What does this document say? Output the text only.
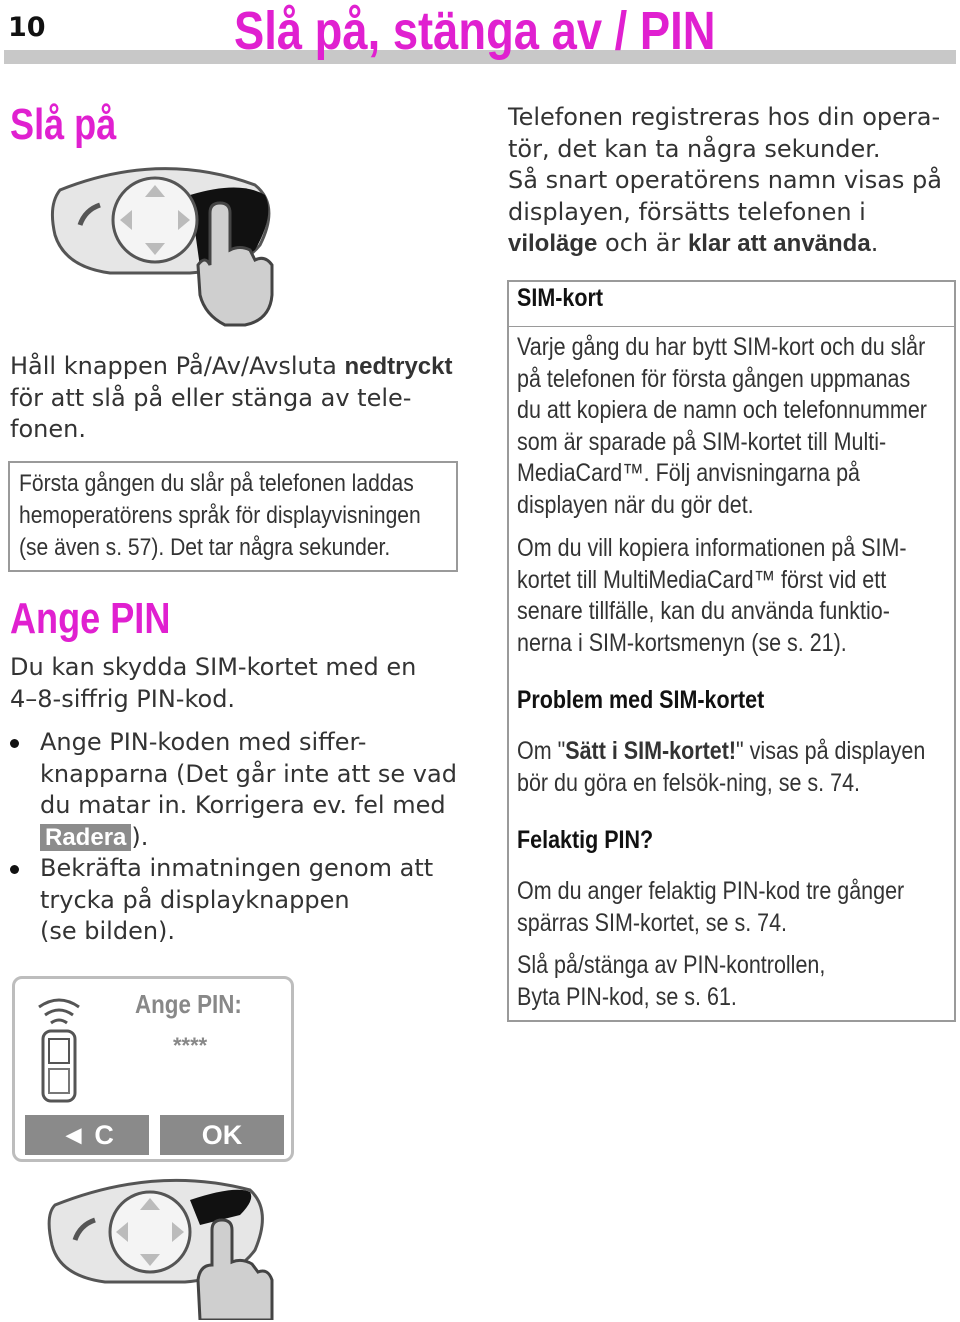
10	Slå på, stänga av / PIN
Slå på
Håll knappen På/Av/Avsluta nedtryckt
för att slå på eller stänga av tele-
fonen.
Första gången du slår på telefonen laddas
hemoperatörens språk för displayvisningen
(se även s. 57). Det tar några sekunder.
Ange PIN
Du kan skydda SIM-kortet med en
4–8-siffrig PIN-kod.
Ange PIN-koden med siffer-
knapparna (Det går inte att se vad
du matar in. Korrigera ev. fel med
Radera ).
Bekräfta inmatningen genom att
trycka på displayknappen
(se bilden).
Ange PIN:
****
◄ C	OK
Telefonen registreras hos din opera-
tör, det kan ta några sekunder.
Så snart operatörens namn visas på
displayen, försätts telefonen i
viloläge och är klar att använda.
SIM-kort
Varje gång du har bytt SIM-kort och du slår
på telefonen för första gången uppmanas
du att kopiera de namn och telefonnummer
som är sparade på SIM-kortet till Multi-
MediaCard™. Följ anvisningarna på
displayen när du gör det.
Om du vill kopiera informationen på SIM-
kortet till MultiMediaCard™ först vid ett
senare tillfälle, kan du använda funktio-
nerna i SIM-kortsmenyn (se s. 21).
Problem med SIM-kortet
Om "Sätt i SIM-kortet!" visas på displayen
bör du göra en felsök-ning, se s. 74.
Felaktig PIN?
Om du anger felaktig PIN-kod tre gånger
spärras SIM-kortet, se s. 74.
Slå på/stänga av PIN-kontrollen,
Byta PIN-kod, se s. 61.
